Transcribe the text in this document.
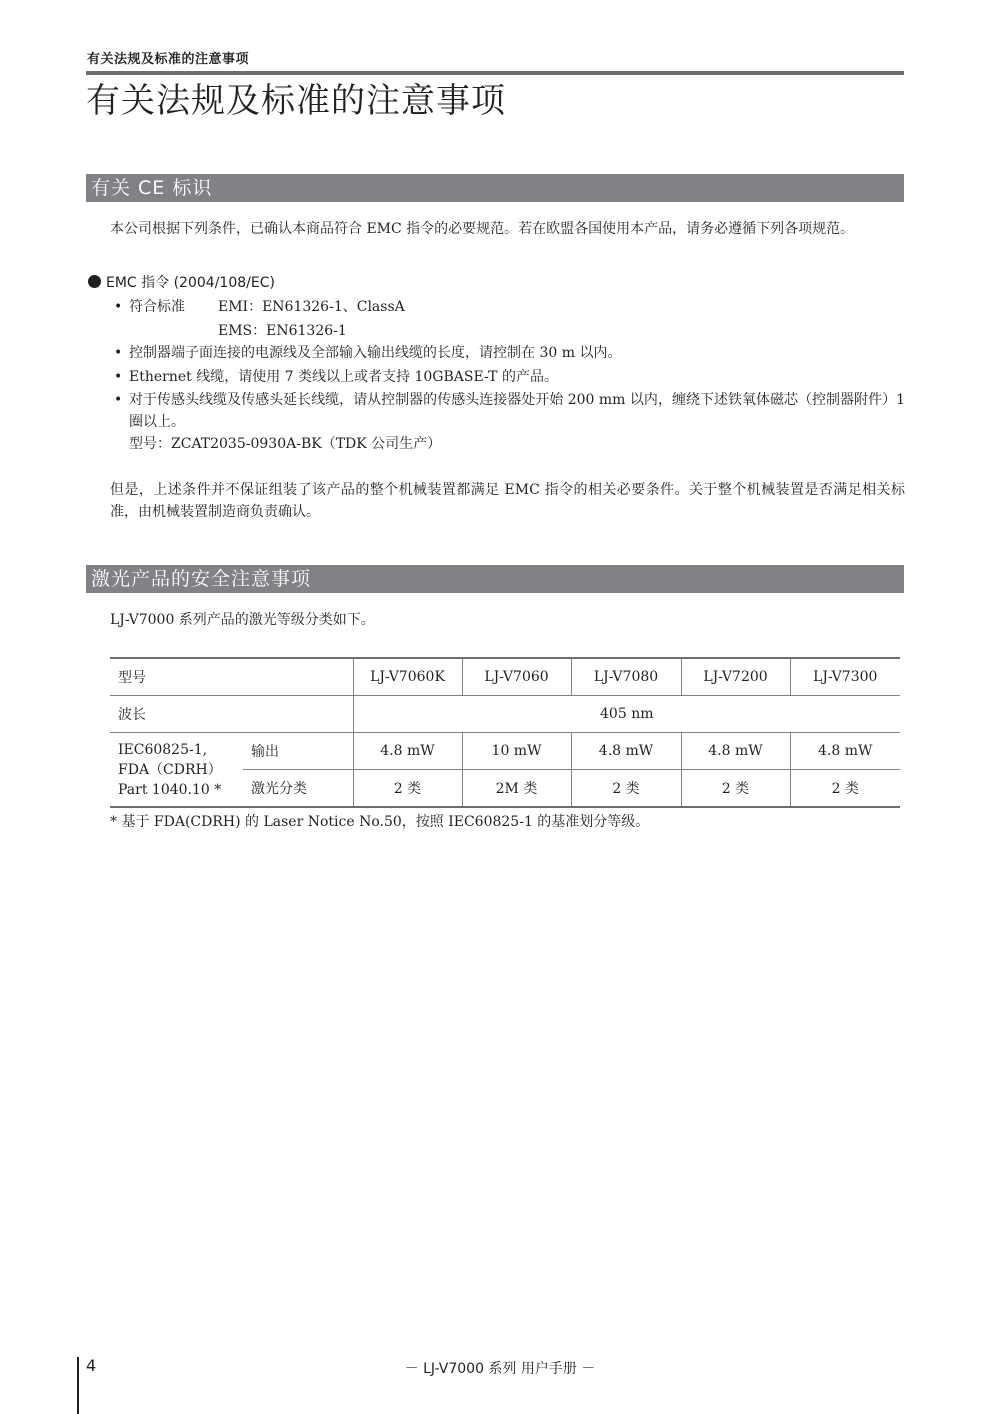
有关法规及标准的注意事项
有关法规及标准的注意事项
有关 CE 标识

本公司根据下列条件，已确认本商品符合 EMC 指令的必要规范。若在欧盟各国使用本产品，请务必遵循下列各项规范。

EMC 指令 (2004/108/EC)
• 符合标准 EMI：EN61326-1、ClassA
EMS：EN61326-1

• 控制器端子面连接的电源线及全部输入输出线缆的长度，请控制在 30 m 以内。

• Ethernet 线缆，请使用 7 类线以上或者支持 10GBASE-T 的产品。

• 对于传感头线缆及传感头延长线缆，请从控制器的传感头连接器处开始 200 mm 以内，缠绕下述铁氧体磁芯（控制器附件）1 圈以上。

型号：ZCAT2035-0930A-BK（TDK 公司生产）

但是，上述条件并不保证组装了该产品的整个机械装置都满足 EMC 指令的相关必要条件。关于整个机械装置是否满足相关标准，由机械装置制造商负责确认。

激光产品的安全注意事项

LJ-V7000 系列产品的激光等级分类如下。

型号		LJ-V7060K	LJ-V7060	LJ-V7080	LJ-V7200	LJ-V7300
波长		405 nm				

IEC60825-1,
FDA（CDRH）
Part 1040.10 *	输出	4.8 mW	10 mW	4.8 mW	4.8 mW	4.8 mW
	激光分类	2 类	2M 类	2 类	2 类	2 类
* 基于 FDA(CDRH) 的 Laser Notice No.50，按照 IEC60825-1 的基准划分等级。
4	－ LJ-V7000 系列 用户手册 －
